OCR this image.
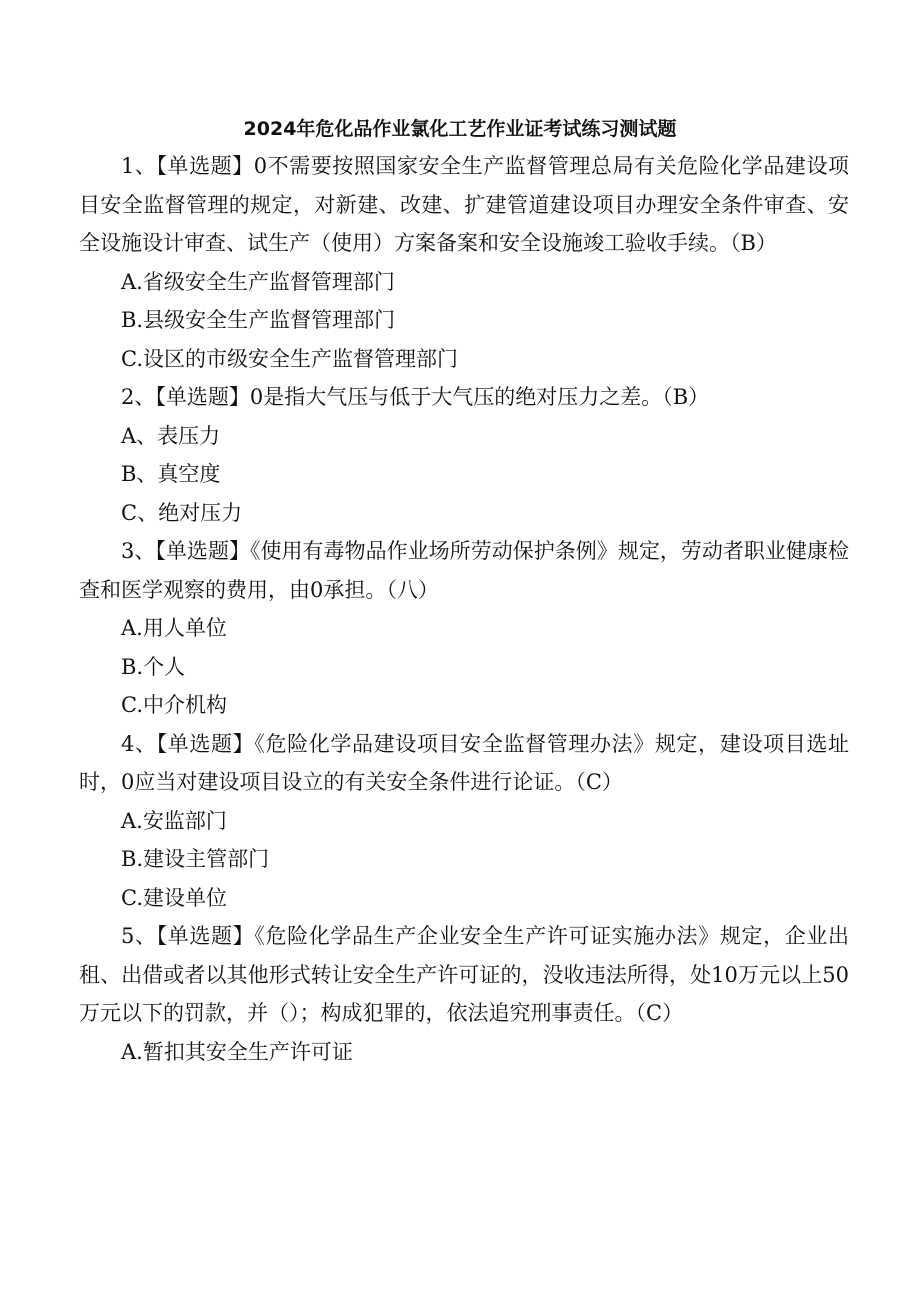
2024年危化品作业氯化工艺作业证考试练习测试题

1、【单选题】0不需要按照国家安全生产监督管理总局有关危险化学品建设项目安全监督管理的规定，对新建、改建、扩建管道建设项目办理安全条件审查、安全设施设计审查、试生产（使用）方案备案和安全设施竣工验收手续。（B）

A.省级安全生产监督管理部门

B.县级安全生产监督管理部门

C.设区的市级安全生产监督管理部门

2、【单选题】0是指大气压与低于大气压的绝对压力之差。（B）

A、表压力

B、真空度

C、绝对压力

3、【单选题】《使用有毒物品作业场所劳动保护条例》规定，劳动者职业健康检查和医学观察的费用，由0承担。（八）

A.用人单位

B.个人

C.中介机构

4、【单选题】《危险化学品建设项目安全监督管理办法》规定，建设项目选址时，0应当对建设项目设立的有关安全条件进行论证。（C）

A.安监部门

B.建设主管部门

C.建设单位

5、【单选题】《危险化学品生产企业安全生产许可证实施办法》规定，企业出租、出借或者以其他形式转让安全生产许可证的，没收违法所得，处10万元以上50万元以下的罚款，并（）；构成犯罪的，依法追究刑事责任。（C）

A.暂扣其安全生产许可证
